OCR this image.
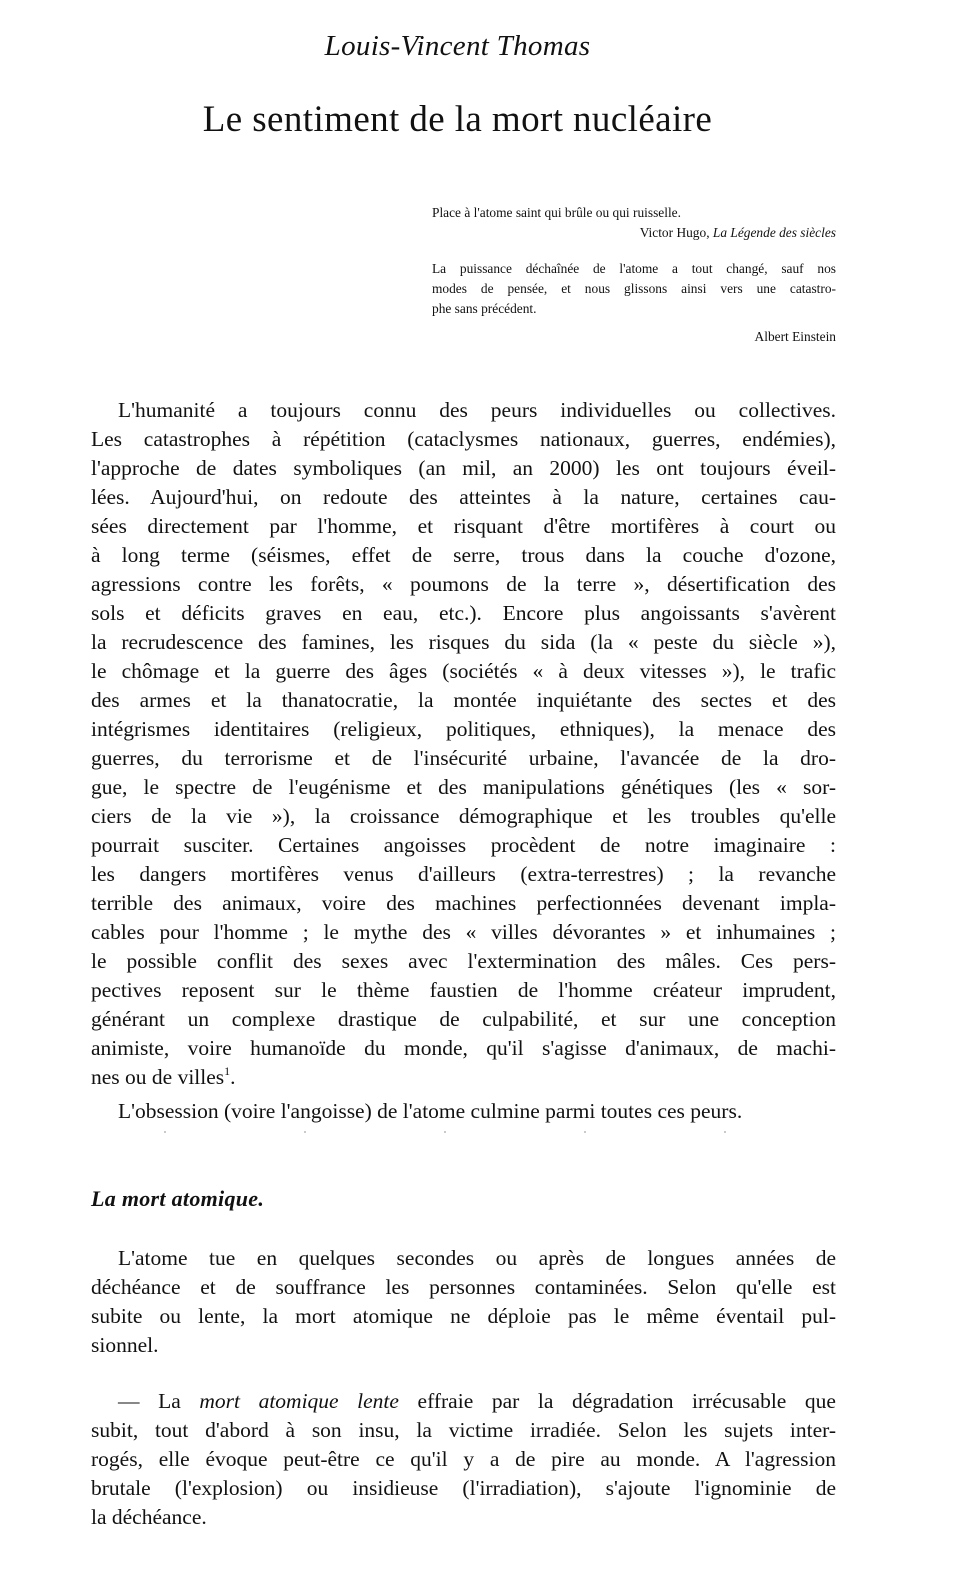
Louis-Vincent Thomas
Le sentiment de la mort nucléaire
Place à l'atome saint qui brûle ou qui ruisselle.
Victor Hugo, La Légende des siècles
La puissance déchaînée de l'atome a tout changé, sauf nos
modes de pensée, et nous glissons ainsi vers une catastro-
phe sans précédent.
Albert Einstein
L'humanité a toujours connu des peurs individuelles ou collectives.
Les catastrophes à répétition (cataclysmes nationaux, guerres, endémies),
l'approche de dates symboliques (an mil, an 2000) les ont toujours éveil-
lées. Aujourd'hui, on redoute des atteintes à la nature, certaines cau-
sées directement par l'homme, et risquant d'être mortifères à court ou
à long terme (séismes, effet de serre, trous dans la couche d'ozone,
agressions contre les forêts, « poumons de la terre », désertification des
sols et déficits graves en eau, etc.). Encore plus angoissants s'avèrent
la recrudescence des famines, les risques du sida (la « peste du siècle »),
le chômage et la guerre des âges (sociétés « à deux vitesses »), le trafic
des armes et la thanatocratie, la montée inquiétante des sectes et des
intégrismes identitaires (religieux, politiques, ethniques), la menace des
guerres, du terrorisme et de l'insécurité urbaine, l'avancée de la dro-
gue, le spectre de l'eugénisme et des manipulations génétiques (les « sor-
ciers de la vie »), la croissance démographique et les troubles qu'elle
pourrait susciter. Certaines angoisses procèdent de notre imaginaire :
les dangers mortifères venus d'ailleurs (extra-terrestres) ; la revanche
terrible des animaux, voire des machines perfectionnées devenant impla-
cables pour l'homme ; le mythe des « villes dévorantes » et inhumaines ;
le possible conflit des sexes avec l'extermination des mâles. Ces pers-
pectives reposent sur le thème faustien de l'homme créateur imprudent,
générant un complexe drastique de culpabilité, et sur une conception
animiste, voire humanoïde du monde, qu'il s'agisse d'animaux, de machi-
nes ou de villes$^1$.
L'obsession (voire l'angoisse) de l'atome culmine parmi toutes ces peurs.
La mort atomique.
L'atome tue en quelques secondes ou après de longues années de
déchéance et de souffrance les personnes contaminées. Selon qu'elle est
subite ou lente, la mort atomique ne déploie pas le même éventail pul-
sionnel.
— La mort atomique lente effraie par la dégradation irrécusable que
subit, tout d'abord à son insu, la victime irradiée. Selon les sujets inter-
rogés, elle évoque peut-être ce qu'il y a de pire au monde. A l'agression
brutale (l'explosion) ou insidieuse (l'irradiation), s'ajoute l'ignominie de
la déchéance.
